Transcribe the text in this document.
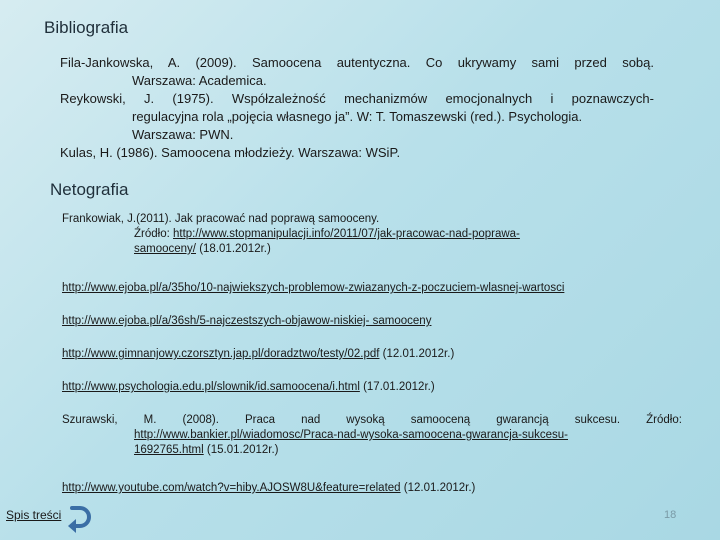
Bibliografia
Fila-Jankowska, A. (2009). Samoocena autentyczna. Co ukrywamy sami przed sobą.
Warszawa: Academica.
Reykowski, J. (1975). Współzależność mechanizmów emocjonalnych i poznawczych-
regulacyjna rola „pojęcia własnego ja”. W: T. Tomaszewski (red.). Psychologia.
Warszawa: PWN.
Kulas, H. (1986). Samoocena młodzieży. Warszawa: WSiP.
Netografia
Frankowiak, J.(2011). Jak pracować nad poprawą samooceny.
Źródło: http://www.stopmanipulacji.info/2011/07/jak-pracowac-nad-poprawa-
samooceny/ (18.01.2012r.)
http://www.ejoba.pl/a/35ho/10-najwiekszych-problemow-zwiazanych-z-poczuciem-wlasnej-wartosci
http://www.ejoba.pl/a/36sh/5-najczestszych-objawow-niskiej- samooceny
http://www.gimnanjowy.czorsztyn.jap.pl/doradztwo/testy/02.pdf (12.01.2012r.)
http://www.psychologia.edu.pl/slownik/id.samoocena/i.html (17.01.2012r.)
Szurawski, M. (2008). Praca nad wysoką samooceną gwarancją sukcesu. Źródło:
http://www.bankier.pl/wiadomosc/Praca-nad-wysoka-samoocena-gwarancja-sukcesu-
1692765.html (15.01.2012r.)
http://www.youtube.com/watch?v=hiby.AJOSW8U&feature=related (12.01.2012r.)
Spis treści	18
